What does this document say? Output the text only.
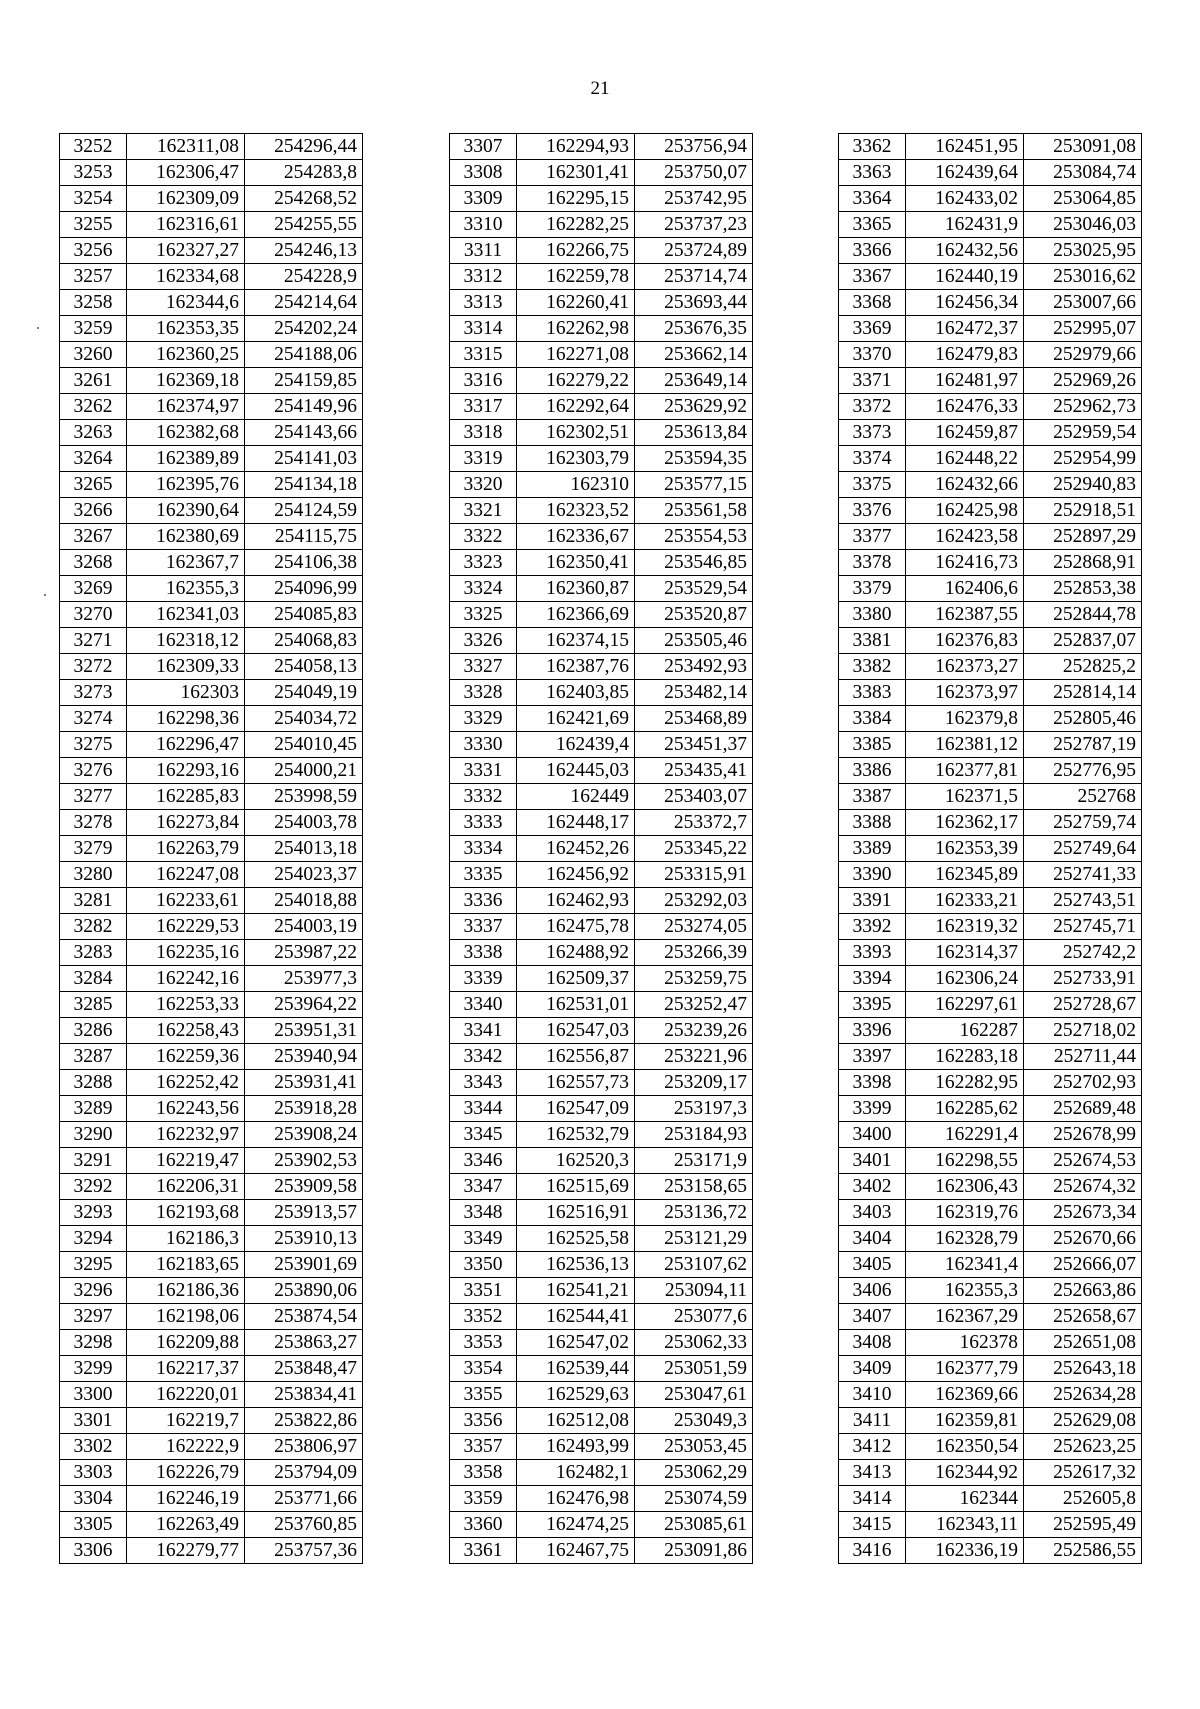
21
3252	162311,08	254296,44
3253	162306,47	254283,8
3254	162309,09	254268,52
3255	162316,61	254255,55
3256	162327,27	254246,13
3257	162334,68	254228,9
3258	162344,6	254214,64
3259	162353,35	254202,24
3260	162360,25	254188,06
3261	162369,18	254159,85
3262	162374,97	254149,96
3263	162382,68	254143,66
3264	162389,89	254141,03
3265	162395,76	254134,18
3266	162390,64	254124,59
3267	162380,69	254115,75
3268	162367,7	254106,38
3269	162355,3	254096,99
3270	162341,03	254085,83
3271	162318,12	254068,83
3272	162309,33	254058,13
3273	162303	254049,19
3274	162298,36	254034,72
3275	162296,47	254010,45
3276	162293,16	254000,21
3277	162285,83	253998,59
3278	162273,84	254003,78
3279	162263,79	254013,18
3280	162247,08	254023,37
3281	162233,61	254018,88
3282	162229,53	254003,19
3283	162235,16	253987,22
3284	162242,16	253977,3
3285	162253,33	253964,22
3286	162258,43	253951,31
3287	162259,36	253940,94
3288	162252,42	253931,41
3289	162243,56	253918,28
3290	162232,97	253908,24
3291	162219,47	253902,53
3292	162206,31	253909,58
3293	162193,68	253913,57
3294	162186,3	253910,13
3295	162183,65	253901,69
3296	162186,36	253890,06
3297	162198,06	253874,54
3298	162209,88	253863,27
3299	162217,37	253848,47
3300	162220,01	253834,41
3301	162219,7	253822,86
3302	162222,9	253806,97
3303	162226,79	253794,09
3304	162246,19	253771,66
3305	162263,49	253760,85
3306	162279,77	253757,36
3307	162294,93	253756,94
3308	162301,41	253750,07
3309	162295,15	253742,95
3310	162282,25	253737,23
3311	162266,75	253724,89
3312	162259,78	253714,74
3313	162260,41	253693,44
3314	162262,98	253676,35
3315	162271,08	253662,14
3316	162279,22	253649,14
3317	162292,64	253629,92
3318	162302,51	253613,84
3319	162303,79	253594,35
3320	162310	253577,15
3321	162323,52	253561,58
3322	162336,67	253554,53
3323	162350,41	253546,85
3324	162360,87	253529,54
3325	162366,69	253520,87
3326	162374,15	253505,46
3327	162387,76	253492,93
3328	162403,85	253482,14
3329	162421,69	253468,89
3330	162439,4	253451,37
3331	162445,03	253435,41
3332	162449	253403,07
3333	162448,17	253372,7
3334	162452,26	253345,22
3335	162456,92	253315,91
3336	162462,93	253292,03
3337	162475,78	253274,05
3338	162488,92	253266,39
3339	162509,37	253259,75
3340	162531,01	253252,47
3341	162547,03	253239,26
3342	162556,87	253221,96
3343	162557,73	253209,17
3344	162547,09	253197,3
3345	162532,79	253184,93
3346	162520,3	253171,9
3347	162515,69	253158,65
3348	162516,91	253136,72
3349	162525,58	253121,29
3350	162536,13	253107,62
3351	162541,21	253094,11
3352	162544,41	253077,6
3353	162547,02	253062,33
3354	162539,44	253051,59
3355	162529,63	253047,61
3356	162512,08	253049,3
3357	162493,99	253053,45
3358	162482,1	253062,29
3359	162476,98	253074,59
3360	162474,25	253085,61
3361	162467,75	253091,86
3362	162451,95	253091,08
3363	162439,64	253084,74
3364	162433,02	253064,85
3365	162431,9	253046,03
3366	162432,56	253025,95
3367	162440,19	253016,62
3368	162456,34	253007,66
3369	162472,37	252995,07
3370	162479,83	252979,66
3371	162481,97	252969,26
3372	162476,33	252962,73
3373	162459,87	252959,54
3374	162448,22	252954,99
3375	162432,66	252940,83
3376	162425,98	252918,51
3377	162423,58	252897,29
3378	162416,73	252868,91
3379	162406,6	252853,38
3380	162387,55	252844,78
3381	162376,83	252837,07
3382	162373,27	252825,2
3383	162373,97	252814,14
3384	162379,8	252805,46
3385	162381,12	252787,19
3386	162377,81	252776,95
3387	162371,5	252768
3388	162362,17	252759,74
3389	162353,39	252749,64
3390	162345,89	252741,33
3391	162333,21	252743,51
3392	162319,32	252745,71
3393	162314,37	252742,2
3394	162306,24	252733,91
3395	162297,61	252728,67
3396	162287	252718,02
3397	162283,18	252711,44
3398	162282,95	252702,93
3399	162285,62	252689,48
3400	162291,4	252678,99
3401	162298,55	252674,53
3402	162306,43	252674,32
3403	162319,76	252673,34
3404	162328,79	252670,66
3405	162341,4	252666,07
3406	162355,3	252663,86
3407	162367,29	252658,67
3408	162378	252651,08
3409	162377,79	252643,18
3410	162369,66	252634,28
3411	162359,81	252629,08
3412	162350,54	252623,25
3413	162344,92	252617,32
3414	162344	252605,8
3415	162343,11	252595,49
3416	162336,19	252586,55
